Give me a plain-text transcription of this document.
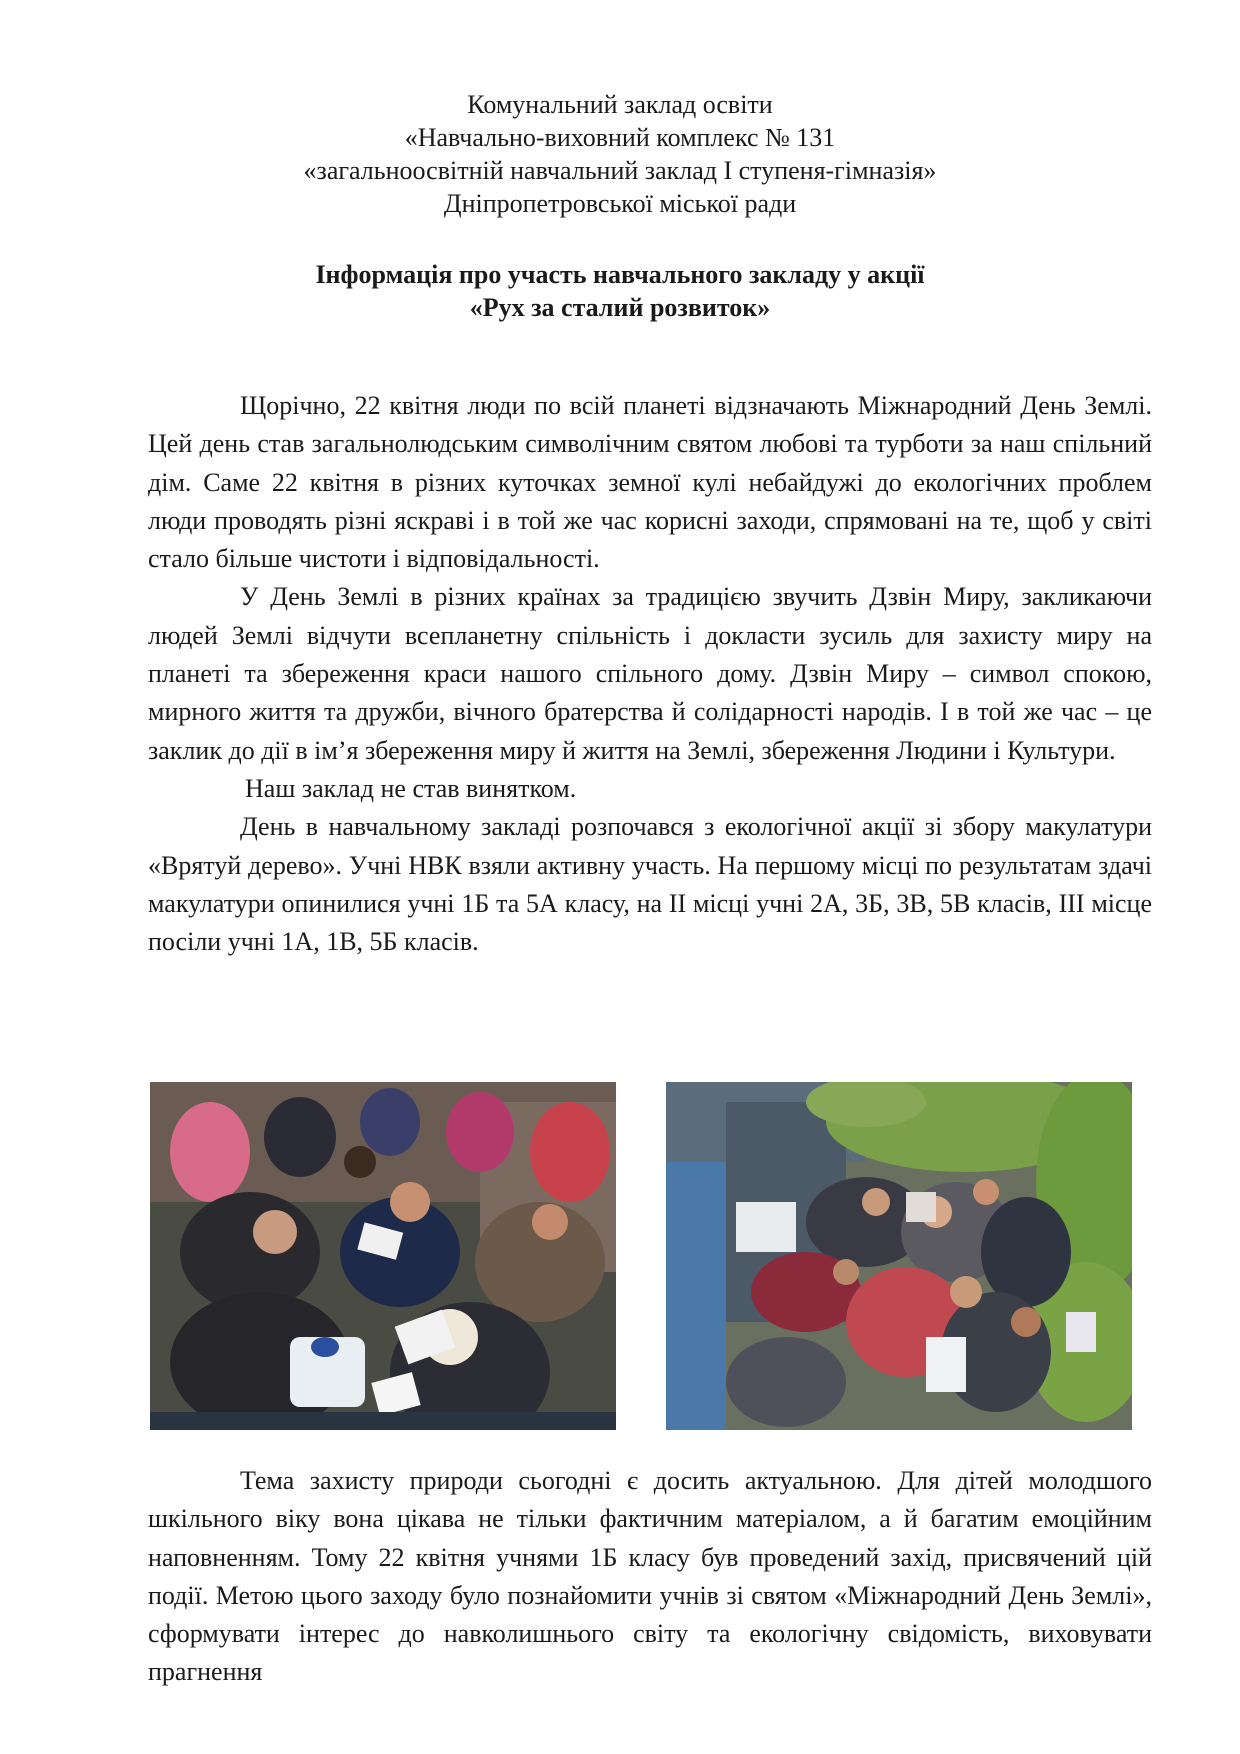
Комунальний заклад освіти
«Навчально-виховний комплекс № 131
«загальноосвітній навчальний заклад І ступеня-гімназія»
Дніпропетровської міської ради
Інформація про участь навчального закладу у акції
«Рух за сталий розвиток»

Щорічно, 22 квітня люди по всій планеті відзначають Міжнародний День Землі. Цей день став загальнолюдським символічним святом любові та турботи за наш спільний дім. Саме 22 квітня в різних куточках земної кулі небайдужі до екологічних проблем люди проводять різні яскраві і в той же час корисні заходи, спрямовані на те, щоб у світі стало більше чистоти і відповідальності.

У День Землі в різних країнах за традицією звучить Дзвін Миру, закликаючи людей Землі відчути всепланетну спільність і докласти зусиль для захисту миру на планеті та збереження краси нашого спільного дому. Дзвін Миру – символ спокою, мирного життя та дружби, вічного братерства й солідарності народів. І в той же час – це заклик до дії в ім’я збереження миру й життя на Землі, збереження Людини і Культури.

Наш заклад не став винятком.

День в навчальному закладі розпочався з екологічної акції зі збору макулатури «Врятуй дерево». Учні НВК взяли активну участь. На першому місці по результатам здачі макулатури опинилися учні 1Б та 5А класу, на ІІ місці учні 2А, 3Б, 3В, 5В класів, ІІІ місце посіли учні 1А, 1В, 5Б класів.

Тема захисту природи сьогодні є досить актуальною. Для дітей молодшого шкільного віку вона цікава не тільки фактичним матеріалом, а й багатим емоційним наповненням. Тому 22 квітня учнями 1Б класу був проведений захід, присвячений цій події. Метою цього заходу було познайомити учнів зі святом «Міжнародний День Землі», сформувати інтерес до навколишнього світу та екологічну свідомість, виховувати прагнення
